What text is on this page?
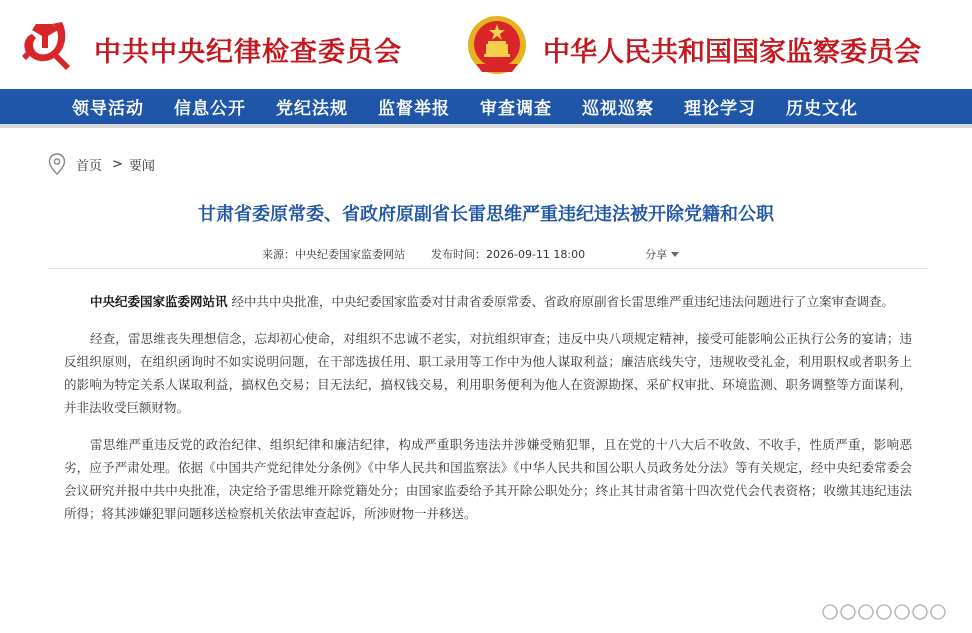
中共中央纪律检查委员会	中华人民共和国国家监察委员会
领导活动 信息公开 党纪法规 监督举报 审查调查 巡视巡察 理论学习 历史文化
首页 > 要闻
甘肃省委原常委、省政府原副省长雷思维严重违纪违法被开除党籍和公职
来源：中央纪委国家监委网站 发布时间：2026-09-11 18:00	分享

中央纪委国家监委网站讯 经中共中央批准，中央纪委国家监委对甘肃省委原常委、省政府原副省长雷思维严重违纪违法问题进行了立案审查调查。

经查，雷思维丧失理想信念，忘却初心使命，对组织不忠诚不老实，对抗组织审查；违反中央八项规定精神，接受可能影响公正执行公务的宴请；违反组织原则，在组织函询时不如实说明问题，在干部选拔任用、职工录用等工作中为他人谋取利益；廉洁底线失守，违规收受礼金，利用职权或者职务上的影响为特定关系人谋取利益，搞权色交易；目无法纪，搞权钱交易，利用职务便利为他人在资源勘探、采矿权审批、环境监测、职务调整等方面谋利，并非法收受巨额财物。

雷思维严重违反党的政治纪律、组织纪律和廉洁纪律，构成严重职务违法并涉嫌受贿犯罪，且在党的十八大后不收敛、不收手，性质严重，影响恶劣，应予严肃处理。依据《中国共产党纪律处分条例》《中华人民共和国监察法》《中华人民共和国公职人员政务处分法》等有关规定，经中央纪委常委会会议研究并报中共中央批准，决定给予雷思维开除党籍处分；由国家监委给予其开除公职处分；终止其甘肃省第十四次党代会代表资格；收缴其违纪违法所得；将其涉嫌犯罪问题移送检察机关依法审查起诉，所涉财物一并移送。
